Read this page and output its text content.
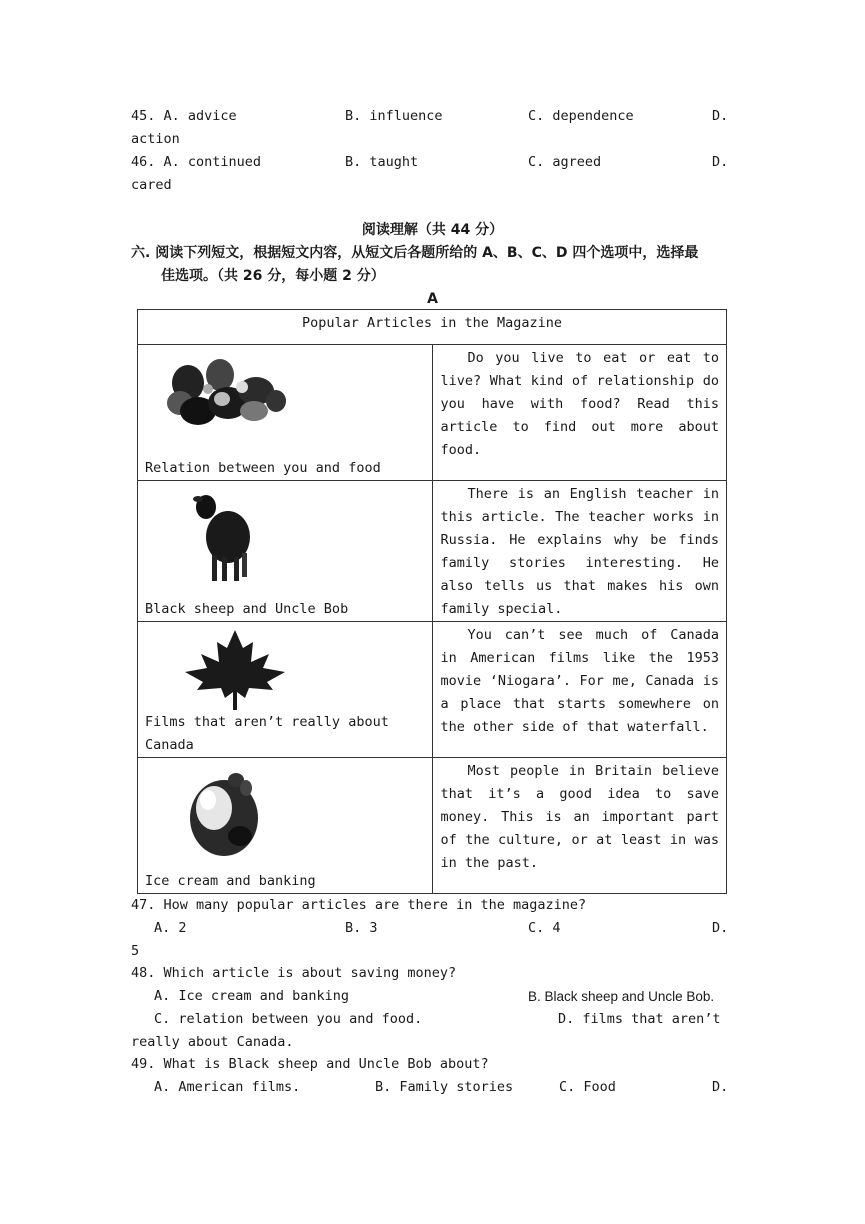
45. A. advice	B. influence	C. dependence	D.
action
46. A. continued	B. taught	C. agreed	D.
cared
阅读理解（共 44 分）
六. 阅读下列短文，根据短文内容，从短文后各题所给的 A、B、C、D 四个选项中，选择最
佳选项。（共 26 分，每小题 2 分）
A
Popular Articles in the Magazine	

Relation between you and food	Do you live to eat or eat to live? What kind of relationship do you have with food? Read this article to find out more about food.

Black sheep and Uncle Bob	There is an English teacher in this article. The teacher works in Russia. He explains why be finds family stories interesting. He also tells us that makes his own family special.

Films that aren’t really about Canada	You can’t see much of Canada in American films like the 1953 movie ‘Niogara’. For me, Canada is a place that starts somewhere on the other side of that waterfall.

Ice cream and banking	Most people in Britain believe that it’s a good idea to save money. This is an important part of the culture, or at least in was in the past.
47. How many popular articles are there in the magazine?
A. 2	B. 3	C. 4	D.
5
48. Which article is about saving money?
A. Ice cream and banking	B. Black sheep and Uncle Bob.
C. relation between you and food.	D. films that aren’t
really about Canada.
49. What is Black sheep and Uncle Bob about?
A. American films.	B. Family stories	C. Food	D.
